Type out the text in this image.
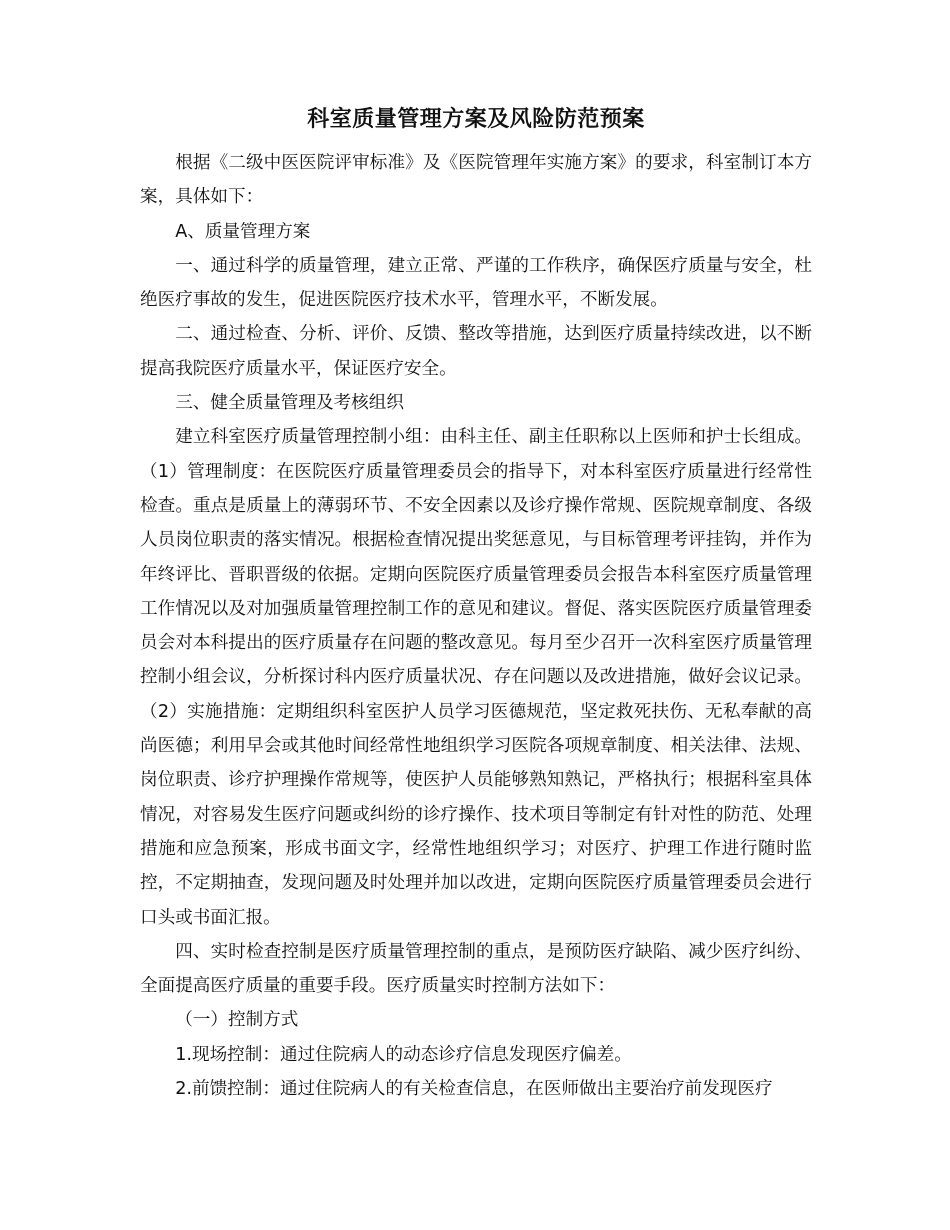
科室质量管理方案及风险防范预案

根据《二级中医医院评审标准》及《医院管理年实施方案》的要求，科室制订本方案，具体如下：

A、质量管理方案

一、通过科学的质量管理，建立正常、严谨的工作秩序，确保医疗质量与安全，杜绝医疗事故的发生，促进医院医疗技术水平，管理水平，不断发展。

二、通过检查、分析、评价、反馈、整改等措施，达到医疗质量持续改进，以不断提高我院医疗质量水平，保证医疗安全。

三、健全质量管理及考核组织

建立科室医疗质量管理控制小组：由科主任、副主任职称以上医师和护士长组成。（1）管理制度：在医院医疗质量管理委员会的指导下，对本科室医疗质量进行经常性检查。重点是质量上的薄弱环节、不安全因素以及诊疗操作常规、医院规章制度、各级人员岗位职责的落实情况。根据检查情况提出奖惩意见，与目标管理考评挂钩，并作为年终评比、晋职晋级的依据。定期向医院医疗质量管理委员会报告本科室医疗质量管理工作情况以及对加强质量管理控制工作的意见和建议。督促、落实医院医疗质量管理委员会对本科提出的医疗质量存在问题的整改意见。每月至少召开一次科室医疗质量管理控制小组会议，分析探讨科内医疗质量状况、存在问题以及改进措施，做好会议记录。（2）实施措施：定期组织科室医护人员学习医德规范，坚定救死扶伤、无私奉献的高尚医德；利用早会或其他时间经常性地组织学习医院各项规章制度、相关法律、法规、岗位职责、诊疗护理操作常规等，使医护人员能够熟知熟记，严格执行；根据科室具体情况，对容易发生医疗问题或纠纷的诊疗操作、技术项目等制定有针对性的防范、处理措施和应急预案，形成书面文字，经常性地组织学习；对医疗、护理工作进行随时监控，不定期抽查，发现问题及时处理并加以改进，定期向医院医疗质量管理委员会进行口头或书面汇报。

四、实时检查控制是医疗质量管理控制的重点，是预防医疗缺陷、减少医疗纠纷、全面提高医疗质量的重要手段。医疗质量实时控制方法如下：

（一）控制方式

1.现场控制：通过住院病人的动态诊疗信息发现医疗偏差。

2.前馈控制：通过住院病人的有关检查信息，在医师做出主要治疗前发现医疗
